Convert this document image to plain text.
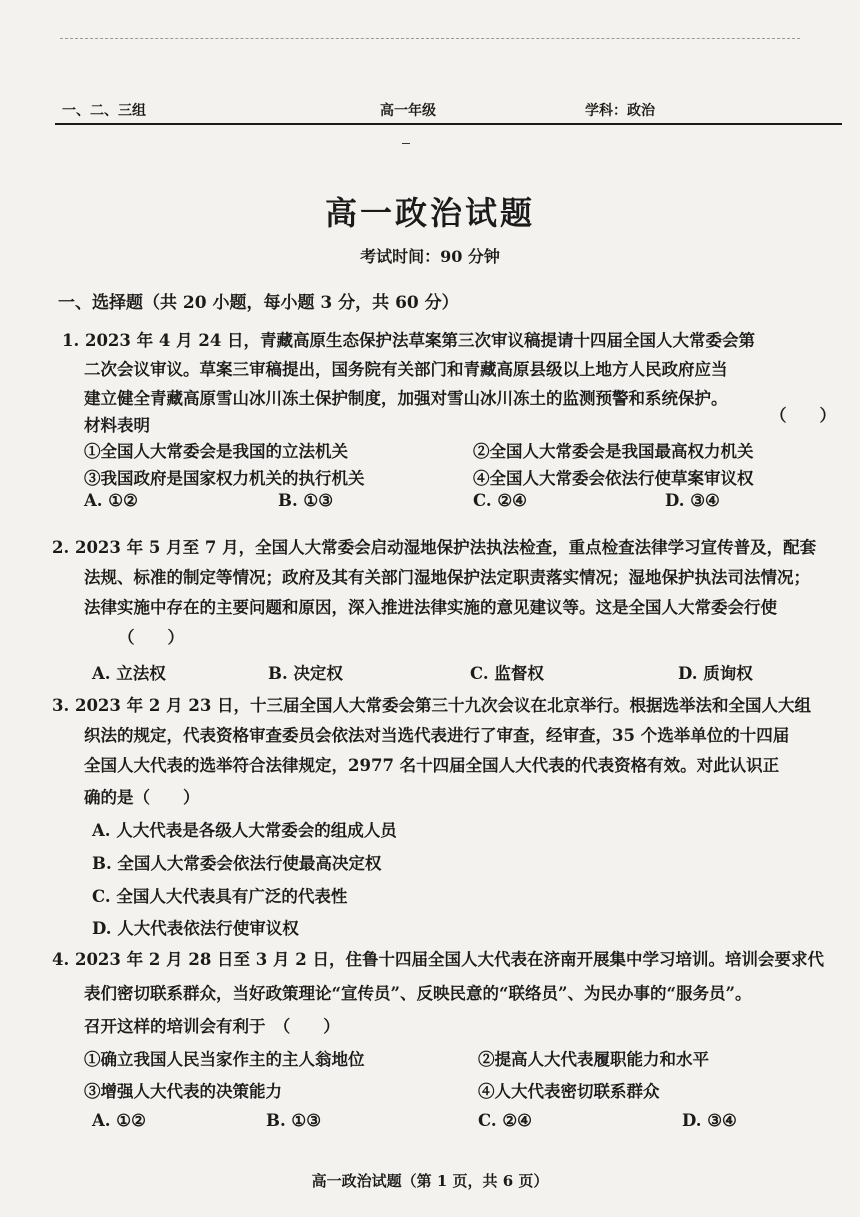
一、二、三组	高一年级	学科：政治
高一政治试题
考试时间：90 分钟
一、选择题（共 20 小题，每小题 3 分，共 60 分）
1. 2023 年 4 月 24 日，青藏高原生态保护法草案第三次审议稿提请十四届全国人大常委会第
二次会议审议。草案三审稿提出，国务院有关部门和青藏高原县级以上地方人民政府应当
建立健全青藏高原雪山冰川冻土保护制度，加强对雪山冰川冻土的监测预警和系统保护。
材料表明
（　　）
①全国人大常委会是我国的立法机关	②全国人大常委会是我国最高权力机关
③我国政府是国家权力机关的执行机关	④全国人大常委会依法行使草案审议权
A. ①②	B. ①③	C. ②④	D. ③④
2. 2023 年 5 月至 7 月，全国人大常委会启动湿地保护法执法检查，重点检查法律学习宣传普及，配套
法规、标准的制定等情况；政府及其有关部门湿地保护法定职责落实情况；湿地保护执法司法情况；
法律实施中存在的主要问题和原因，深入推进法律实施的意见建议等。这是全国人大常委会行使
（　　）
A. 立法权	B. 决定权	C. 监督权	D. 质询权
3. 2023 年 2 月 23 日，十三届全国人大常委会第三十九次会议在北京举行。根据选举法和全国人大组
织法的规定，代表资格审查委员会依法对当选代表进行了审查，经审查，35 个选举单位的十四届
全国人大代表的选举符合法律规定，2977 名十四届全国人大代表的代表资格有效。对此认识正
确的是（　　）
A. 人大代表是各级人大常委会的组成人员
B. 全国人大常委会依法行使最高决定权
C. 全国人大代表具有广泛的代表性
D. 人大代表依法行使审议权
4. 2023 年 2 月 28 日至 3 月 2 日，住鲁十四届全国人大代表在济南开展集中学习培训。培训会要求代
表们密切联系群众，当好政策理论“宣传员”、反映民意的“联络员”、为民办事的“服务员”。
召开这样的培训会有利于　（　　）
①确立我国人民当家作主的主人翁地位	②提高人大代表履职能力和水平
③增强人大代表的决策能力	④人大代表密切联系群众
A. ①②	B. ①③	C. ②④	D. ③④
高一政治试题（第 1 页，共 6 页）
